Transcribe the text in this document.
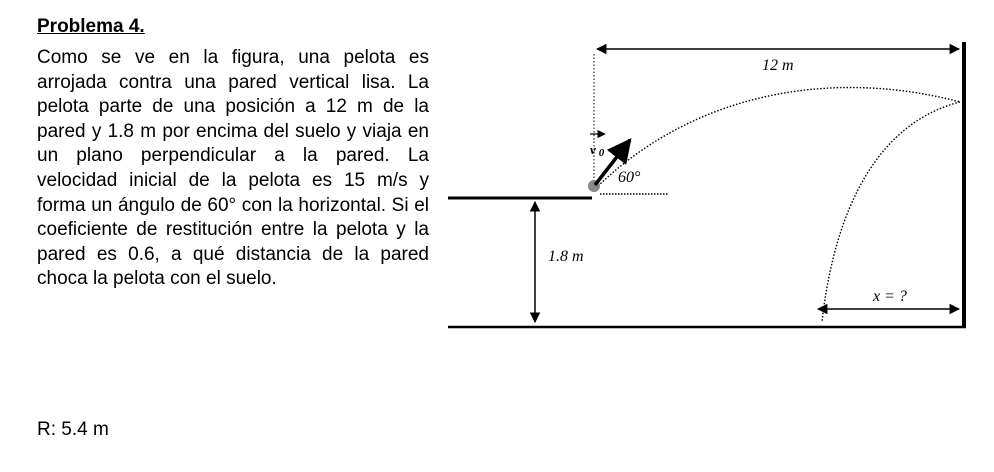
Problema 4.
Como se ve en la figura, una pelota es arrojada contra una pared vertical lisa. La pelota parte de una posición a 12 m de la pared y 1.8 m por encima del suelo y viaja en un plano perpendicular a la pared. La velocidad inicial de la pelota es 15 m/s y forma un ángulo de 60° con la horizontal. Si el coeficiente de restitución entre la pelota y la pared es 0.6, a qué distancia de la pared choca la pelota con el suelo.
R: 5.4 m
12 m
1.8 m
v 0
60°
x = ?
